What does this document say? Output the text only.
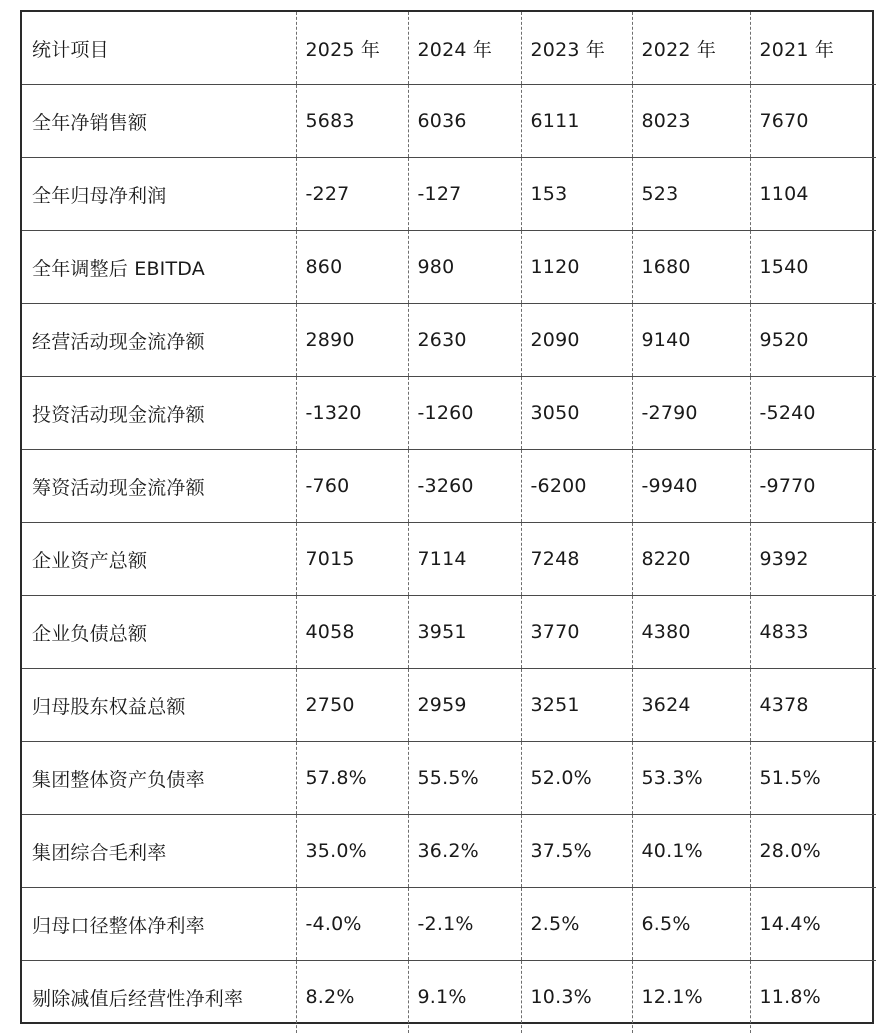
统计项目	2025 年	2024 年	2023 年	2022 年	2021 年
全年净销售额	5683	6036	6111	8023	7670
全年归母净利润	-227	-127	153	523	1104
全年调整后 EBITDA	860	980	1120	1680	1540
经营活动现金流净额	2890	2630	2090	9140	9520
投资活动现金流净额	-1320	-1260	3050	-2790	-5240
筹资活动现金流净额	-760	-3260	-6200	-9940	-9770
企业资产总额	7015	7114	7248	8220	9392
企业负债总额	4058	3951	3770	4380	4833
归母股东权益总额	2750	2959	3251	3624	4378
集团整体资产负债率	57.8%	55.5%	52.0%	53.3%	51.5%
集团综合毛利率	35.0%	36.2%	37.5%	40.1%	28.0%
归母口径整体净利率	-4.0%	-2.1%	2.5%	6.5%	14.4%
剔除减值后经营性净利率	8.2%	9.1%	10.3%	12.1%	11.8%
